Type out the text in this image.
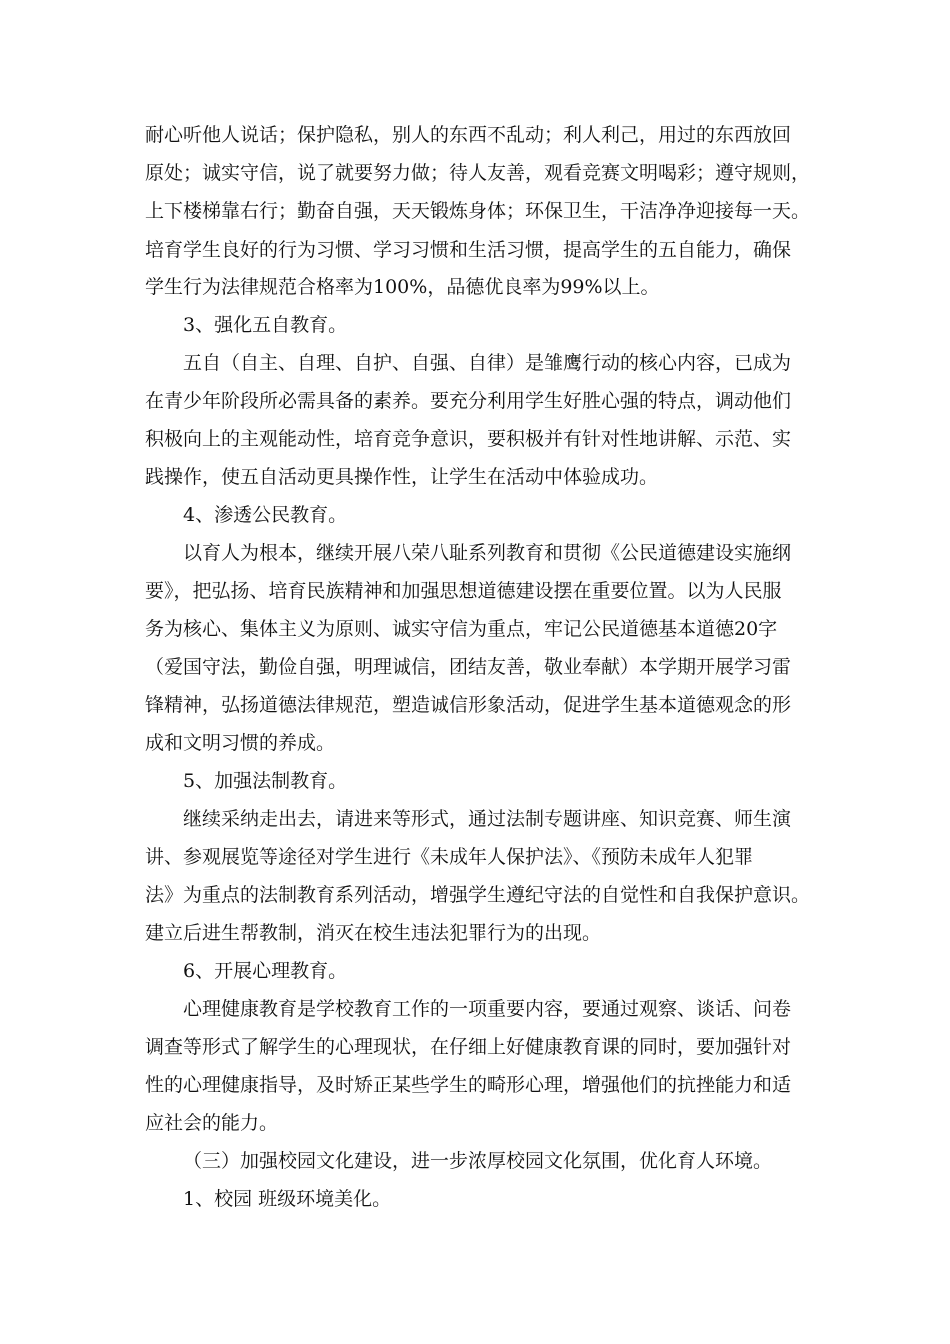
耐心听他人说话；保护隐私，别人的东西不乱动；利人利己，用过的东西放回
原处；诚实守信，说了就要努力做；待人友善，观看竞赛文明喝彩；遵守规则，
上下楼梯靠右行；勤奋自强，天天锻炼身体；环保卫生，干洁净净迎接每一天。
培育学生良好的行为习惯、学习习惯和生活习惯，提高学生的五自能力，确保
学生行为法律规范合格率为100%，品德优良率为99%以上。
3、强化五自教育。
五自（自主、自理、自护、自强、自律）是雏鹰行动的核心内容，已成为
在青少年阶段所必需具备的素养。要充分利用学生好胜心强的特点，调动他们
积极向上的主观能动性，培育竞争意识，要积极并有针对性地讲解、示范、实
践操作，使五自活动更具操作性，让学生在活动中体验成功。
4、渗透公民教育。
以育人为根本，继续开展八荣八耻系列教育和贯彻《公民道德建设实施纲
要》，把弘扬、培育民族精神和加强思想道德建设摆在重要位置。以为人民服
务为核心、集体主义为原则、诚实守信为重点，牢记公民道德基本道德20字
（爱国守法，勤俭自强，明理诚信，团结友善，敬业奉献）本学期开展学习雷
锋精神，弘扬道德法律规范，塑造诚信形象活动，促进学生基本道德观念的形
成和文明习惯的养成。
5、加强法制教育。
继续采纳走出去，请进来等形式，通过法制专题讲座、知识竞赛、师生演
讲、参观展览等途径对学生进行《未成年人保护法》、《预防未成年人犯罪
法》为重点的法制教育系列活动，增强学生遵纪守法的自觉性和自我保护意识。
建立后进生帮教制，消灭在校生违法犯罪行为的出现。
6、开展心理教育。
心理健康教育是学校教育工作的一项重要内容，要通过观察、谈话、问卷
调查等形式了解学生的心理现状，在仔细上好健康教育课的同时，要加强针对
性的心理健康指导，及时矫正某些学生的畸形心理，增强他们的抗挫能力和适
应社会的能力。
（三）加强校园文化建设，进一步浓厚校园文化氛围，优化育人环境。
1、校园 班级环境美化。
